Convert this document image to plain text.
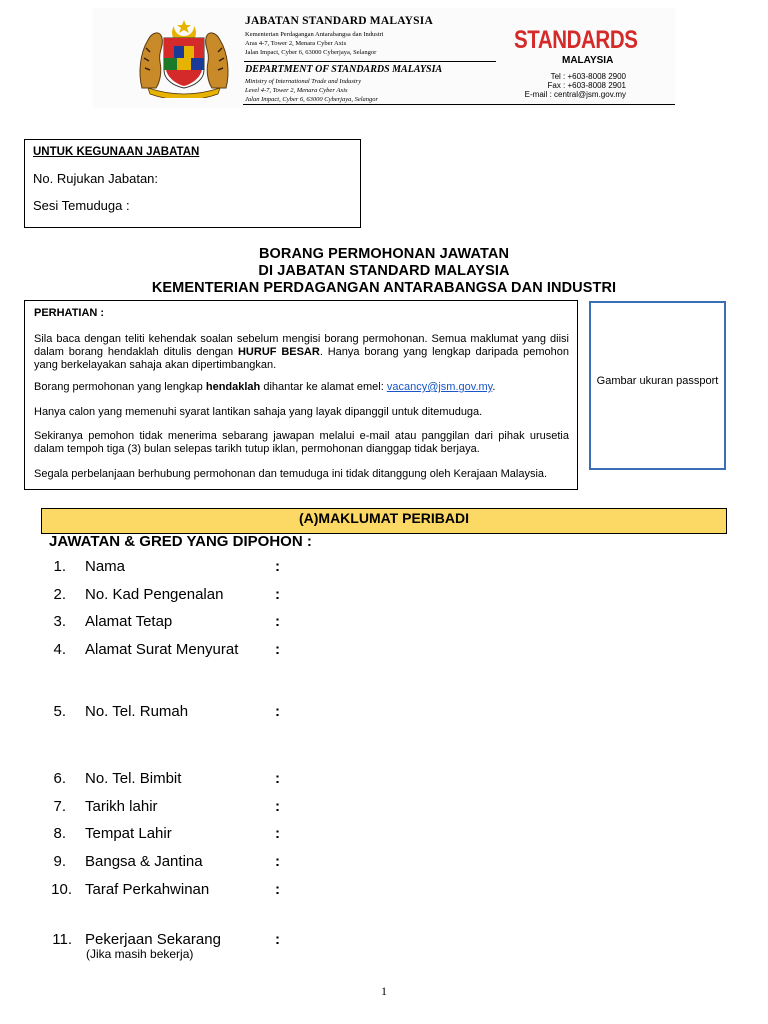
JABATAN STANDARD MALAYSIA
Kementerian Perdagangan Antarabangsa dan Industri
Aras 4-7, Tower 2, Menara Cyber Axis
Jalan Impact, Cyber 6, 63000 Cyberjaya, Selangor
DEPARTMENT OF STANDARDS MALAYSIA
Ministry of International Trade and Industry
Level 4-7, Tower 2, Menara Cyber Axis
Jalan Impact, Cyber 6, 63000 Cyberjaya, Selangor
STANDARDS
MALAYSIA
Tel : +603-8008 2900
Fax : +603-8008 2901
E-mail : central@jsm.gov.my
UNTUK KEGUNAAN JABATAN
No. Rujukan Jabatan:
Sesi Temuduga :
BORANG PERMOHONAN JAWATAN
DI JABATAN STANDARD MALAYSIA
KEMENTERIAN PERDAGANGAN ANTARABANGSA DAN INDUSTRI
PERHATIAN :

Sila baca dengan teliti kehendak soalan sebelum mengisi borang permohonan. Semua maklumat yang diisi dalam borang hendaklah ditulis dengan HURUF BESAR. Hanya borang yang lengkap daripada pemohon yang berkelayakan sahaja akan dipertimbangkan.

Borang permohonan yang lengkap hendaklah dihantar ke alamat emel: vacancy@jsm.gov.my.

Hanya calon yang memenuhi syarat lantikan sahaja yang layak dipanggil untuk ditemuduga.

Sekiranya pemohon tidak menerima sebarang jawapan melalui e-mail atau panggilan dari pihak urusetia dalam tempoh tiga (3) bulan selepas tarikh tutup iklan, permohonan dianggap tidak berjaya.

Segala perbelanjaan berhubung permohonan dan temuduga ini tidak ditanggung oleh Kerajaan Malaysia.

Gambar ukuran passport
(A)MAKLUMAT PERIBADI
JAWATAN & GRED YANG DIPOHON :
1. Nama	:
2. No. Kad Pengenalan	:
3. Alamat Tetap	:
4. Alamat Surat Menyurat :
5. No. Tel. Rumah	:
6. No. Tel. Bimbit	:
7. Tarikh lahir	:
8. Tempat Lahir	:
9. Bangsa & Jantina	:
10. Taraf Perkahwinan	:
11. Pekerjaan Sekarang	:
(Jika masih bekerja)
1
